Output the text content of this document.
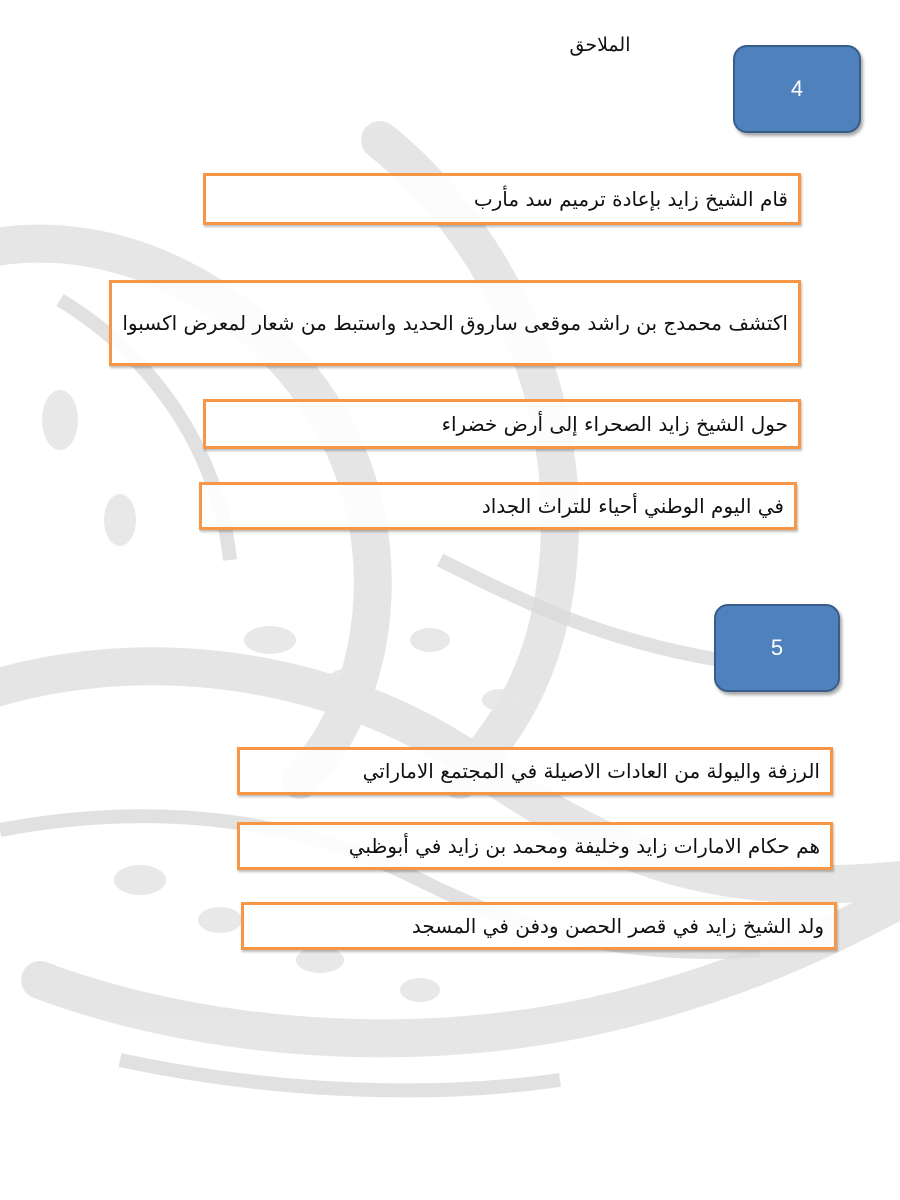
الملاحق
4
قام الشيخ زايد بإعادة ترميم سد مأرب
اكتشف محمدج بن راشد موقعى ساروق الحديد واستبط من شعار لمعرض اكسبوا
حول الشيخ زايد الصحراء إلى أرض خضراء
في اليوم الوطني أحياء للتراث الجداد
5
الرزفة واليولة من العادات الاصيلة في المجتمع الاماراتي
هم حكام الامارات زايد وخليفة ومحمد بن زايد في أبوظبي
ولد الشيخ زايد في قصر الحصن ودفن في المسجد
